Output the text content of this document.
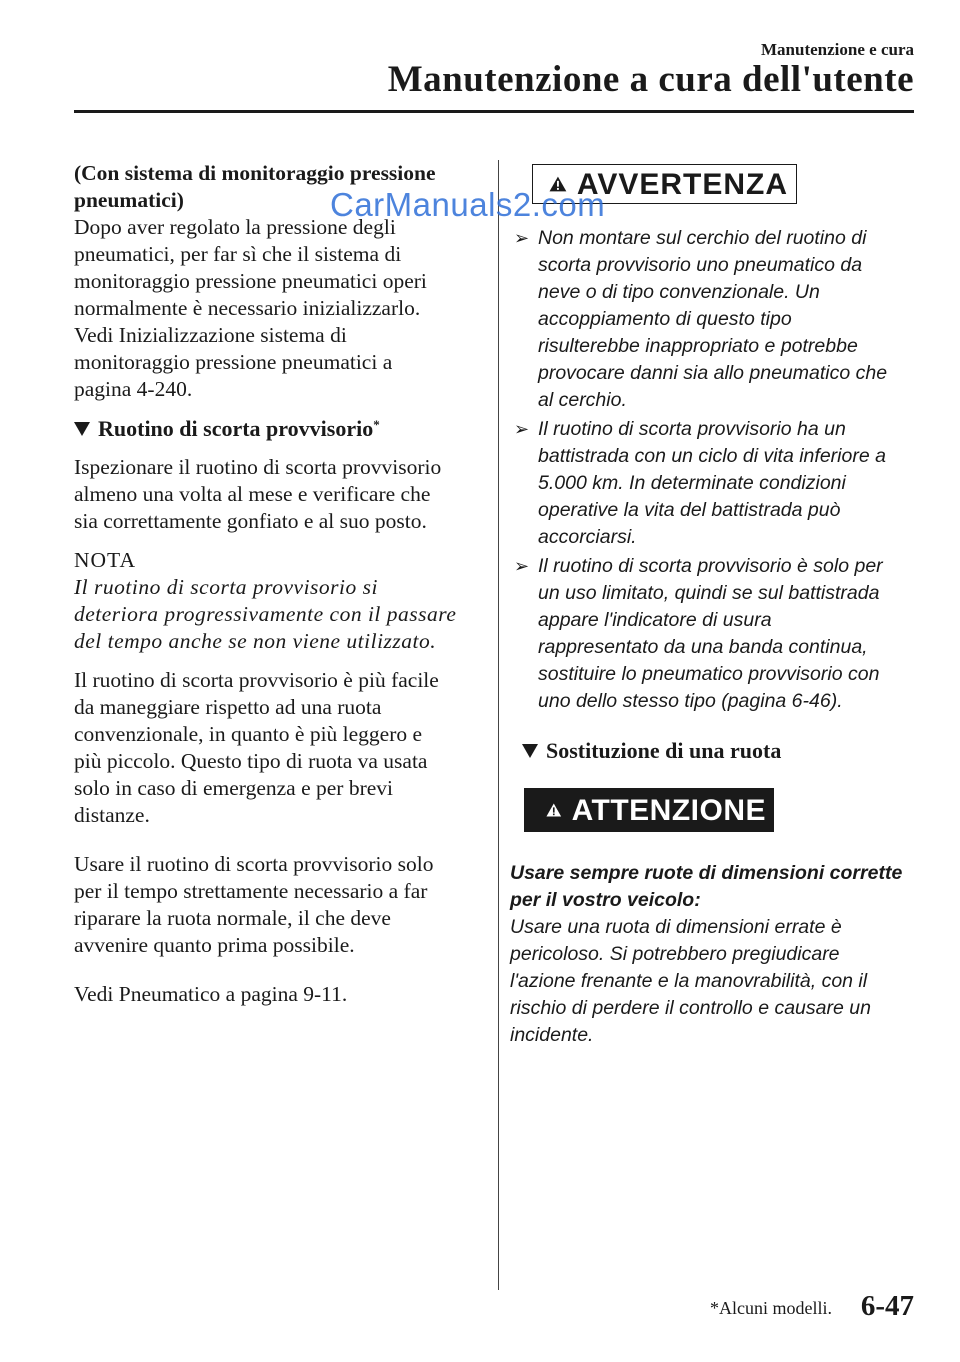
Manutenzione e cura
Manutenzione a cura dell'utente

(Con sistema di monitoraggio pressione

pneumatici)

Dopo aver regolato la pressione degli

pneumatici, per far sì che il sistema di

monitoraggio pressione pneumatici operi

normalmente è necessario inizializzarlo.

Vedi Inizializzazione sistema di

monitoraggio pressione pneumatici a

pagina 4-240.

Ruotino di scorta provvisorio*

Ispezionare il ruotino di scorta provvisorio

almeno una volta al mese e verificare che

sia correttamente gonfiato e al suo posto.

NOTA

Il ruotino di scorta provvisorio si

deteriora progressivamente con il passare

del tempo anche se non viene utilizzato.

Il ruotino di scorta provvisorio è più facile

da maneggiare rispetto ad una ruota

convenzionale, in quanto è più leggero e

più piccolo. Questo tipo di ruota va usata

solo in caso di emergenza e per brevi

distanze.

Usare il ruotino di scorta provvisorio solo

per il tempo strettamente necessario a far

riparare la ruota normale, il che deve

avvenire quanto prima possibile.

Vedi Pneumatico a pagina 9-11.

AVVERTENZA
➢ Non montare sul cerchio del ruotino di
scorta provvisorio uno pneumatico da
neve o di tipo convenzionale. Un
accoppiamento di questo tipo
risulterebbe inappropriato e potrebbe
provocare danni sia allo pneumatico che
al cerchio.
➢ Il ruotino di scorta provvisorio ha un
battistrada con un ciclo di vita inferiore a
5.000 km. In determinate condizioni
operative la vita del battistrada può
accorciarsi.
➢ Il ruotino di scorta provvisorio è solo per
un uso limitato, quindi se sul battistrada
appare l'indicatore di usura
rappresentato da una banda continua,
sostituire lo pneumatico provvisorio con
uno dello stesso tipo (pagina 6-46).
Sostituzione di una ruota
ATTENZIONE
Usare sempre ruote di dimensioni corrette
per il vostro veicolo:
Usare una ruota di dimensioni errate è
pericoloso. Si potrebbero pregiudicare
l'azione frenante e la manovrabilità, con il
rischio di perdere il controllo e causare un
incidente.
CarManuals2.com
*Alcuni modelli. 6-47
